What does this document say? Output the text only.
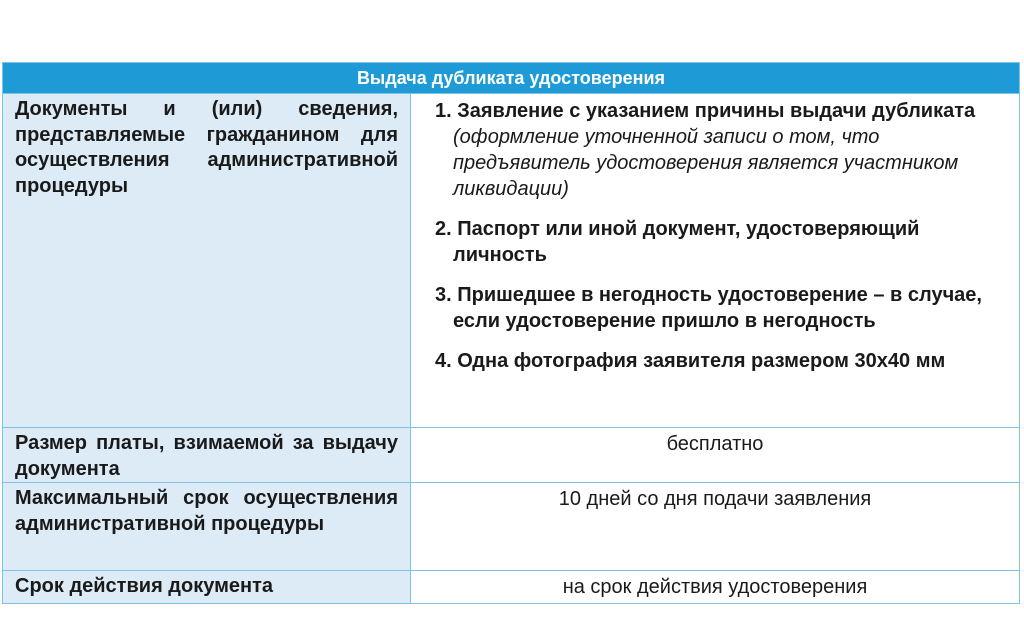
Выдача дубликата удостоверения
Документы и (или) сведения, представляемые гражданином для осуществления административной процедуры
1. Заявление с указанием причины выдачи дубликата (оформление уточненной записи о том, что предъявитель удостоверения является участником ликвидации)
2. Паспорт или иной документ, удостоверяющий личность
3. Пришедшее в негодность удостоверение – в случае, если удостоверение пришло в негодность
4. Одна фотография заявителя размером 30х40 мм
Размер платы, взимаемой за выдачу документа
бесплатно
Максимальный срок осуществления административной процедуры
10 дней со дня подачи заявления
Срок действия документа	на срок действия удостоверения
